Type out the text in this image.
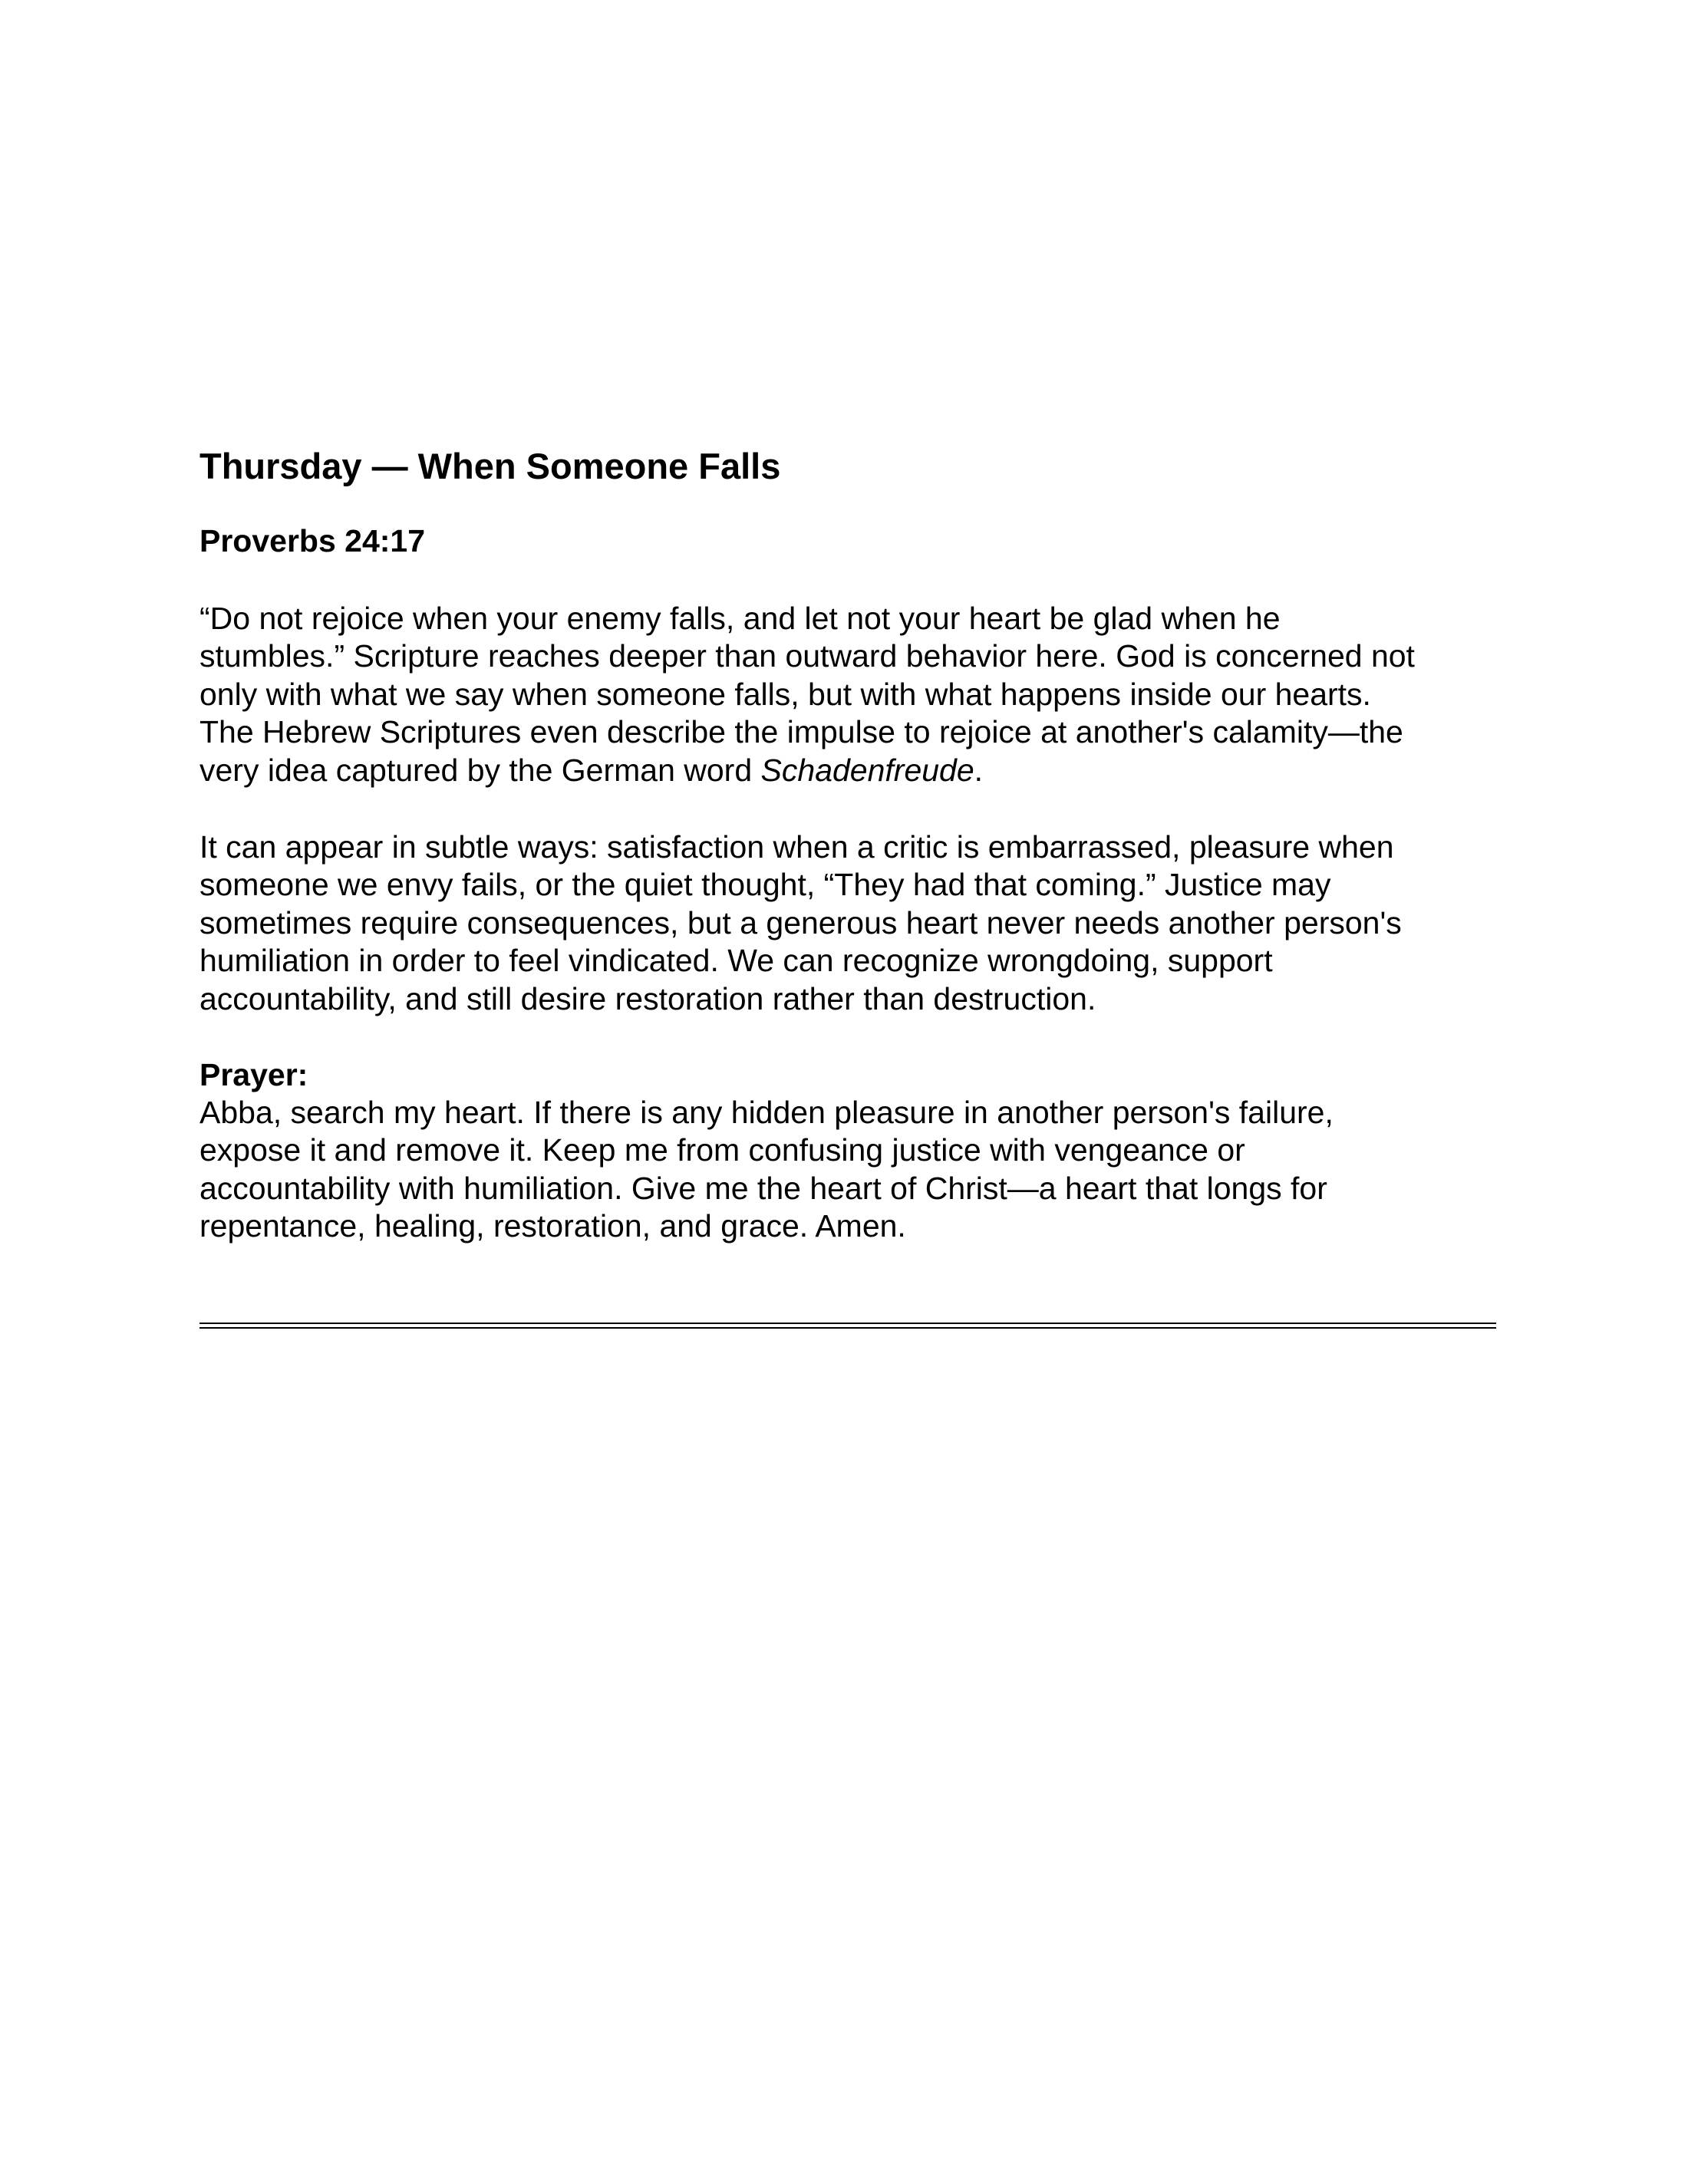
Thursday — When Someone Falls
Proverbs 24:17

“Do not rejoice when your enemy falls, and let not your heart be glad when he
stumbles.” Scripture reaches deeper than outward behavior here. God is concerned not
only with what we say when someone falls, but with what happens inside our hearts.
The Hebrew Scriptures even describe the impulse to rejoice at another's calamity—the
very idea captured by the German word Schadenfreude.

It can appear in subtle ways: satisfaction when a critic is embarrassed, pleasure when
someone we envy fails, or the quiet thought, “They had that coming.” Justice may
sometimes require consequences, but a generous heart never needs another person's
humiliation in order to feel vindicated. We can recognize wrongdoing, support
accountability, and still desire restoration rather than destruction.

Prayer:

Abba, search my heart. If there is any hidden pleasure in another person's failure,
expose it and remove it. Keep me from confusing justice with vengeance or
accountability with humiliation. Give me the heart of Christ—a heart that longs for
repentance, healing, restoration, and grace. Amen.
